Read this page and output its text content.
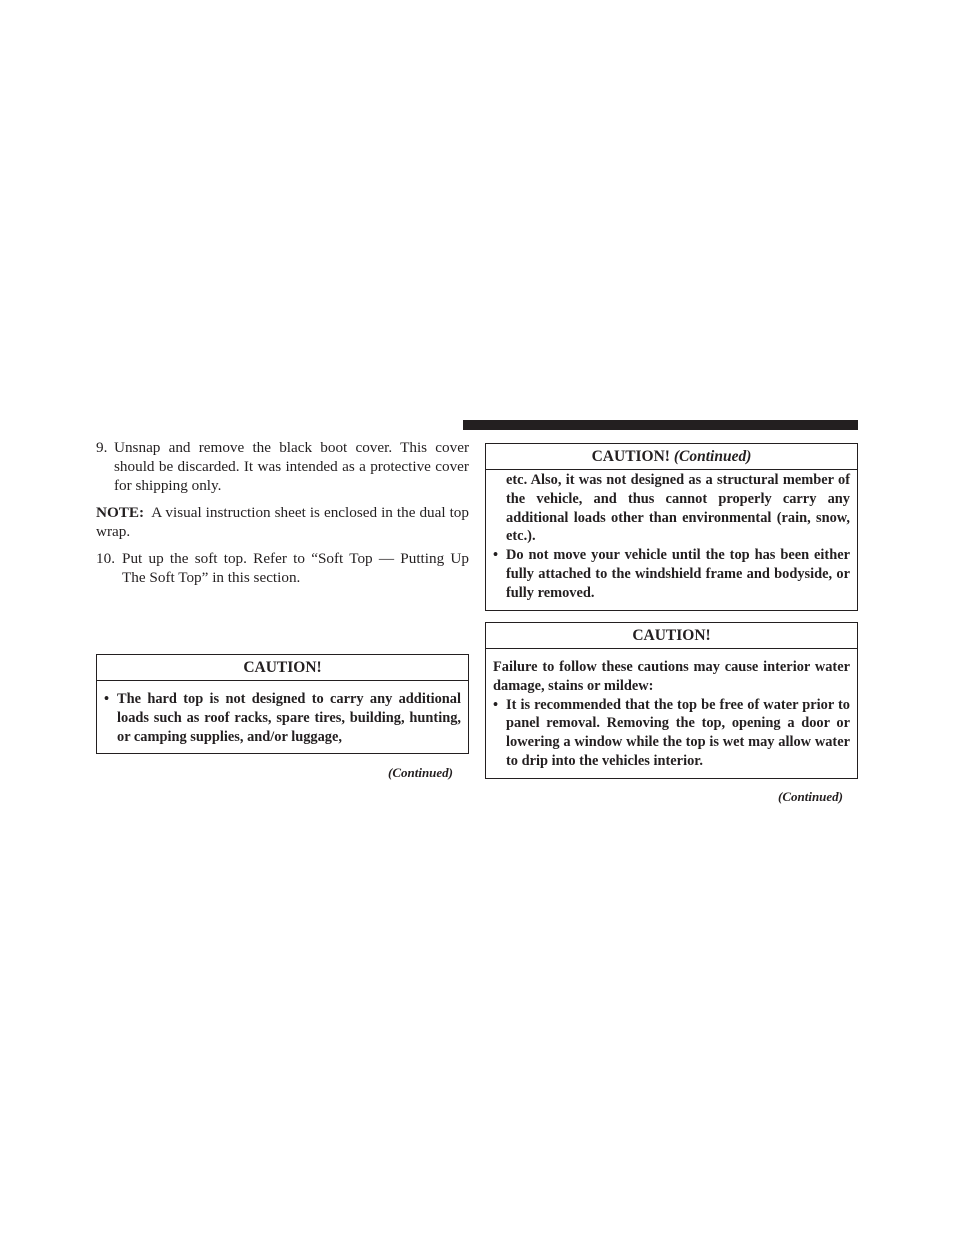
9. Unsnap and remove the black boot cover. This cover should be discarded. It was intended as a protective cover for shipping only.

NOTE: A visual instruction sheet is enclosed in the dual top wrap.

10. Put up the soft top. Refer to “Soft Top — Putting Up The Soft Top” in this section.
CAUTION!
• The hard top is not designed to carry any additional loads such as roof racks, spare tires, building, hunting, or camping supplies, and/or luggage,
(Continued)
CAUTION! (Continued)
etc. Also, it was not designed as a structural member of the vehicle, and thus cannot properly carry any additional loads other than environmental (rain, snow, etc.).
• Do not move your vehicle until the top has been either fully attached to the windshield frame and bodyside, or fully removed.
CAUTION!
Failure to follow these cautions may cause interior water damage, stains or mildew:
• It is recommended that the top be free of water prior to panel removal. Removing the top, opening a door or lowering a window while the top is wet may allow water to drip into the vehicles interior.
(Continued)
